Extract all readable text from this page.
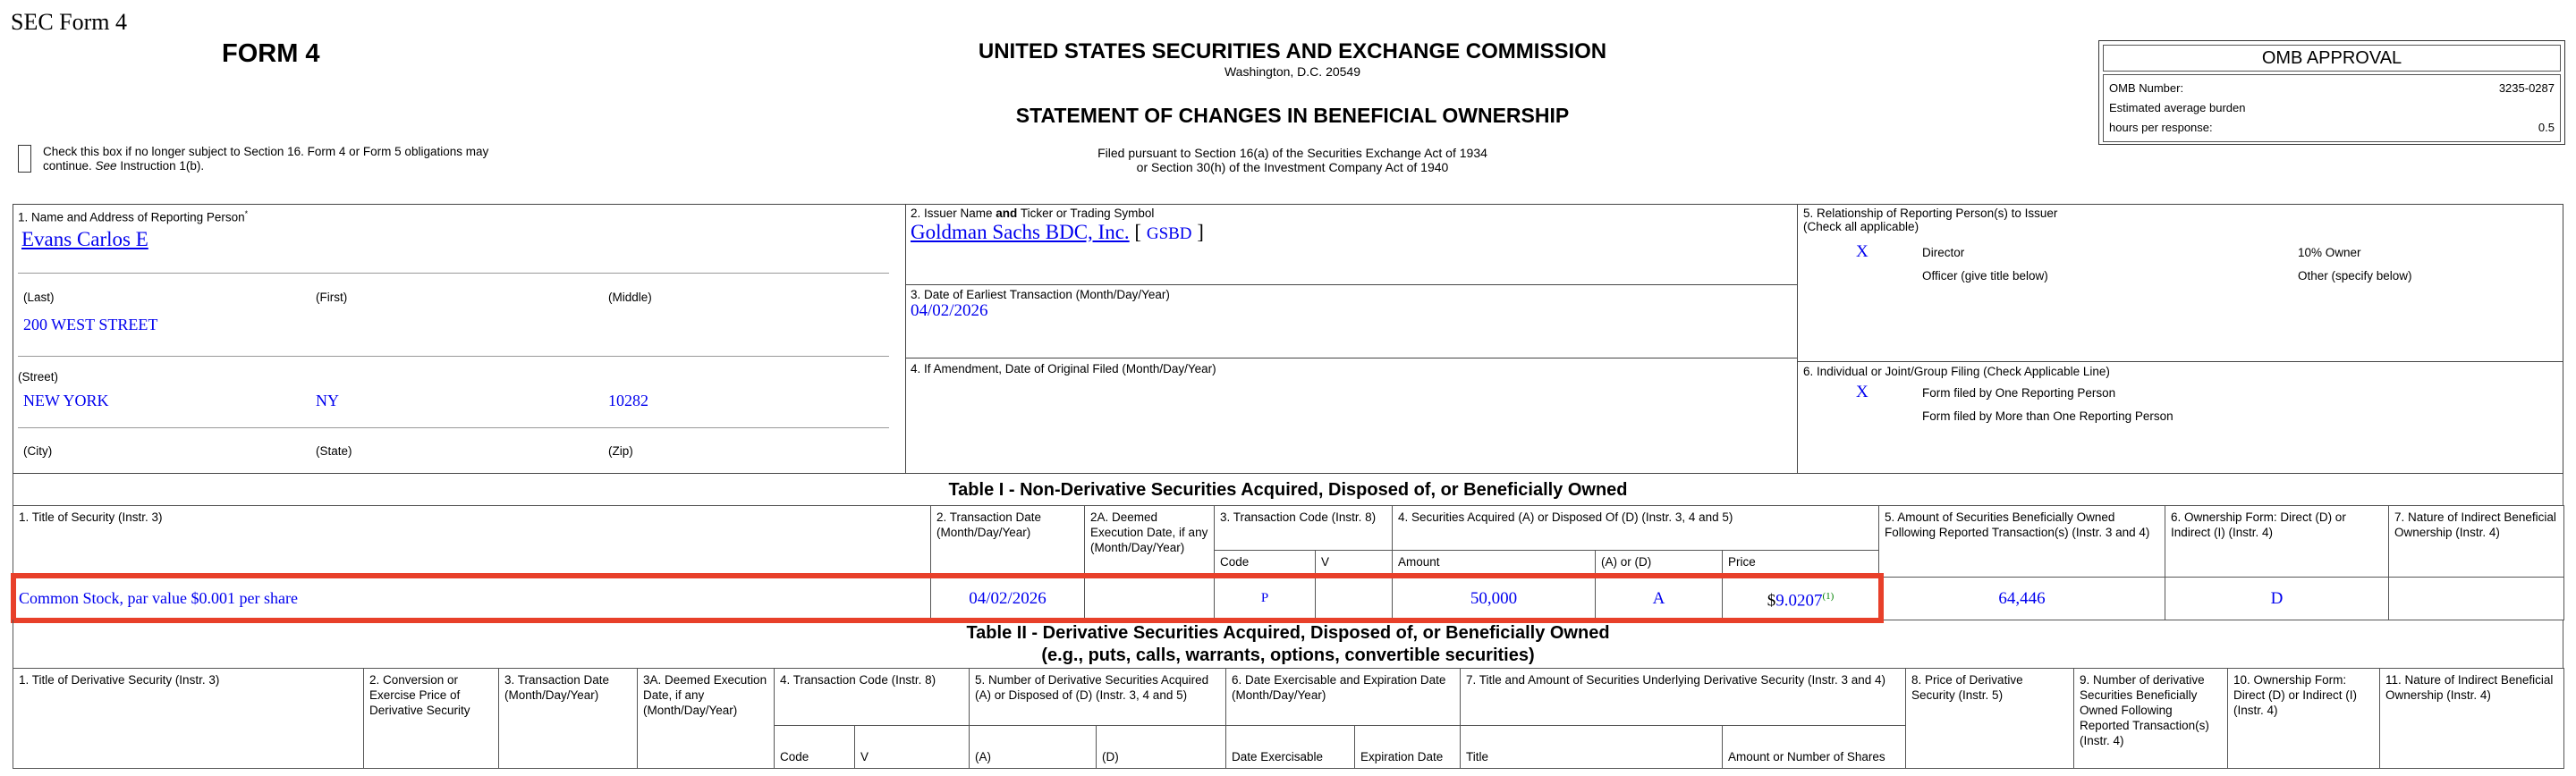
SEC Form 4
FORM 4	UNITED STATES SECURITIES AND EXCHANGE COMMISSION
Washington, D.C. 20549
STATEMENT OF CHANGES IN BENEFICIAL OWNERSHIP
Filed pursuant to Section 16(a) of the Securities Exchange Act of 1934
or Section 30(h) of the Investment Company Act of 1940
OMB APPROVAL
OMB Number:	3235-0287
Estimated average burden
hours per response:	0.5
Check this box if no longer subject to Section 16. Form 4 or Form 5 obligations may
continue. See Instruction 1(b).
1. Name and Address of Reporting Person*
Evans Carlos E
(Last)	(First)	(Middle)
200 WEST STREET
(Street)
NEW YORK	NY	10282
(City)	(State)	(Zip)
2. Issuer Name and Ticker or Trading Symbol
Goldman Sachs BDC, Inc. [ GSBD ]
3. Date of Earliest Transaction (Month/Day/Year)
04/02/2026
4. If Amendment, Date of Original Filed (Month/Day/Year)
5. Relationship of Reporting Person(s) to Issuer
(Check all applicable)
X	Director	10% Owner
Officer (give title below)	Other (specify below)
6. Individual or Joint/Group Filing (Check Applicable Line)
X	Form filed by One Reporting Person
Form filed by More than One Reporting Person
Table I - Non-Derivative Securities Acquired, Disposed of, or Beneficially Owned
1. Title of Security (Instr. 3)	2. Transaction Date (Month/Day/Year)	2A. Deemed Execution Date, if any (Month/Day/Year)	3. Transaction Code (Instr. 8)		4. Securities Acquired (A) or Disposed Of (D) (Instr. 3, 4 and 5)			5. Amount of Securities Beneficially Owned Following Reported Transaction(s) (Instr. 3 and 4)	6. Ownership Form: Direct (D) or Indirect (I) (Instr. 4)	7. Nature of Indirect Beneficial Ownership (Instr. 4)
			Code	V	Amount	(A) or (D)	Price			
Common Stock, par value $0.001 per share	04/02/2026		P		50,000	A	$9.0207$^{(1)}$	64,446	D	
Table II - Derivative Securities Acquired, Disposed of, or Beneficially Owned
(e.g., puts, calls, warrants, options, convertible securities)
1. Title of Derivative Security (Instr. 3)	2. Conversion or Exercise Price of Derivative Security	3. Transaction Date (Month/Day/Year)	3A. Deemed Execution Date, if any (Month/Day/Year)	4. Transaction Code (Instr. 8)		5. Number of Derivative Securities Acquired (A) or Disposed of (D) (Instr. 3, 4 and 5)		6. Date Exercisable and Expiration Date (Month/Day/Year)		7. Title and Amount of Securities Underlying Derivative Security (Instr. 3 and 4)		8. Price of Derivative Security (Instr. 5)	9. Number of derivative Securities Beneficially Owned Following Reported Transaction(s) (Instr. 4)	10. Ownership Form: Direct (D) or Indirect (I) (Instr. 4)	11. Nature of Indirect Beneficial Ownership (Instr. 4)
				Code	V	(A)	(D)	Date Exercisable	Expiration Date	Title	Amount or Number of Shares				
